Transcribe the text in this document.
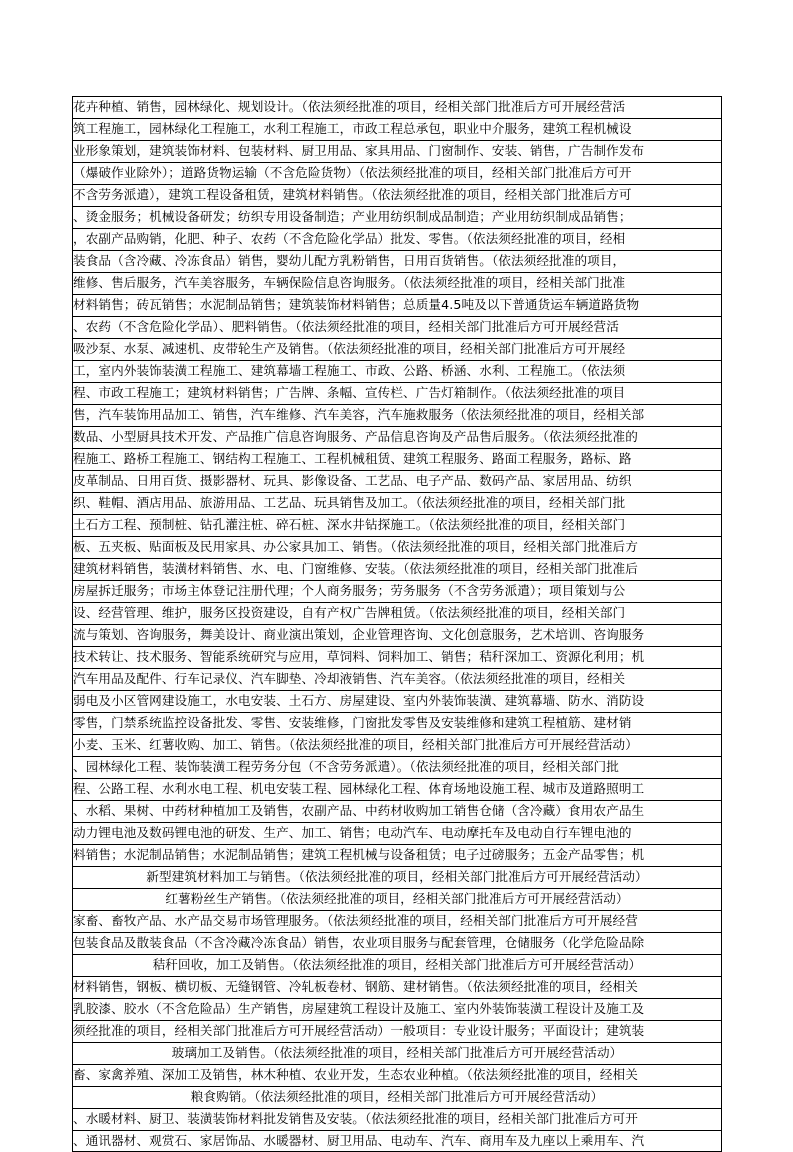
花卉种植、销售，园林绿化、规划设计。（依法须经批准的项目，经相关部门批准后方可开展经营活
筑工程施工，园林绿化工程施工，水利工程施工，市政工程总承包，职业中介服务，建筑工程机械设
业形象策划，建筑装饰材料、包装材料、厨卫用品、家具用品、门窗制作、安装、销售，广告制作发布
（爆破作业除外）；道路货物运输（不含危险货物）（依法须经批准的项目，经相关部门批准后方可开
不含劳务派遣），建筑工程设备租赁，建筑材料销售。（依法须经批准的项目，经相关部门批准后方可
、烫金服务；机械设备研发；纺织专用设备制造；产业用纺织制成品制造；产业用纺织制成品销售；
，农副产品购销，化肥、种子、农药（不含危险化学品）批发、零售。（依法须经批准的项目，经相
装食品（含冷藏、冷冻食品）销售，婴幼儿配方乳粉销售，日用百货销售。（依法须经批准的项目，
维修、售后服务，汽车美容服务，车辆保险信息咨询服务。（依法须经批准的项目，经相关部门批准
材料销售；砖瓦销售；水泥制品销售；建筑装饰材料销售；总质量4.5吨及以下普通货运车辆道路货物
、农药（不含危险化学品）、肥料销售。（依法须经批准的项目，经相关部门批准后方可开展经营活
吸沙泵、水泵、减速机、皮带轮生产及销售。（依法须经批准的项目，经相关部门批准后方可开展经
工，室内外装饰装潢工程施工、建筑幕墙工程施工、市政、公路、桥涵、水利、工程施工。（依法须
程、市政工程施工；建筑材料销售；广告牌、条幅、宣传栏、广告灯箱制作。（依法须经批准的项目
售，汽车装饰用品加工、销售，汽车维修、汽车美容，汽车施救服务（依法须经批准的项目，经相关部
数品、小型厨具技术开发、产品推广信息咨询服务、产品信息咨询及产品售后服务。（依法须经批准的
程施工、路桥工程施工、钢结构工程施工、工程机械租赁、建筑工程服务、路面工程服务，路标、路
皮革制品、日用百货、摄影器材、玩具、影像设备、工艺品、电子产品、数码产品、家居用品、纺织
织、鞋帽、酒店用品、旅游用品、工艺品、玩具销售及加工。（依法须经批准的项目，经相关部门批
土石方工程、预制桩、钻孔灌注桩、碎石桩、深水井钻探施工。（依法须经批准的项目，经相关部门
板、五夹板、贴面板及民用家具、办公家具加工、销售。（依法须经批准的项目，经相关部门批准后方
建筑材料销售，装潢材料销售、水、电、门窗维修、安装。（依法须经批准的项目，经相关部门批准后
房屋拆迁服务；市场主体登记注册代理；个人商务服务；劳务服务（不含劳务派遣）；项目策划与公
设、经营管理、维护，服务区投资建设，自有产权广告牌租赁。（依法须经批准的项目，经相关部门
流与策划、咨询服务，舞美设计、商业演出策划，企业管理咨询、文化创意服务，艺术培训、咨询服务
技术转让、技术服务、智能系统研究与应用，草饲料、饲料加工、销售；秸秆深加工、资源化利用；机
汽车用品及配件、行车记录仪、汽车脚垫、冷却液销售、汽车美容。（依法须经批准的项目，经相关
弱电及小区管网建设施工，水电安装、土石方、房屋建设、室内外装饰装潢、建筑幕墙、防水、消防设
零售，门禁系统监控设备批发、零售、安装维修，门窗批发零售及安装维修和建筑工程植筋、建材销
小麦、玉米、红薯收购、加工、销售。（依法须经批准的项目，经相关部门批准后方可开展经营活动）
、园林绿化工程、装饰装潢工程劳务分包（不含劳务派遣）。（依法须经批准的项目，经相关部门批
程、公路工程、水利水电工程、机电安装工程、园林绿化工程、体育场地设施工程、城市及道路照明工
、水稻、果树、中药材种植加工及销售，农副产品、中药材收购加工销售仓储（含冷藏）食用农产品生
动力锂电池及数码锂电池的研发、生产、加工、销售；电动汽车、电动摩托车及电动自行车锂电池的
料销售；水泥制品销售；水泥制品销售；建筑工程机械与设备租赁；电子过磅服务；五金产品零售；机
新型建筑材料加工与销售。（依法须经批准的项目，经相关部门批准后方可开展经营活动）
红薯粉丝生产销售。（依法须经批准的项目，经相关部门批准后方可开展经营活动）
家畜、畜牧产品、水产品交易市场管理服务。（依法须经批准的项目，经相关部门批准后方可开展经营
包装食品及散装食品（不含冷藏冷冻食品）销售，农业项目服务与配套管理，仓储服务（化学危险品除
秸秆回收，加工及销售。（依法须经批准的项目，经相关部门批准后方可开展经营活动）
材料销售，钢板、横切板、无缝钢管、冷轧板卷材、钢筋、建材销售。（依法须经批准的项目，经相关
乳胶漆、胶水（不含危险品）生产销售，房屋建筑工程设计及施工、室内外装饰装潢工程设计及施工及
须经批准的项目，经相关部门批准后方可开展经营活动）一般项目：专业设计服务；平面设计；建筑装
玻璃加工及销售。（依法须经批准的项目，经相关部门批准后方可开展经营活动）
畜、家禽养殖、深加工及销售，林木种植、农业开发，生态农业种植。（依法须经批准的项目，经相关
粮食购销。（依法须经批准的项目，经相关部门批准后方可开展经营活动）
、水暖材料、厨卫、装潢装饰材料批发销售及安装。（依法须经批准的项目，经相关部门批准后方可开
、通讯器材、观赏石、家居饰品、水暖器材、厨卫用品、电动车、汽车、商用车及九座以上乘用车、汽
